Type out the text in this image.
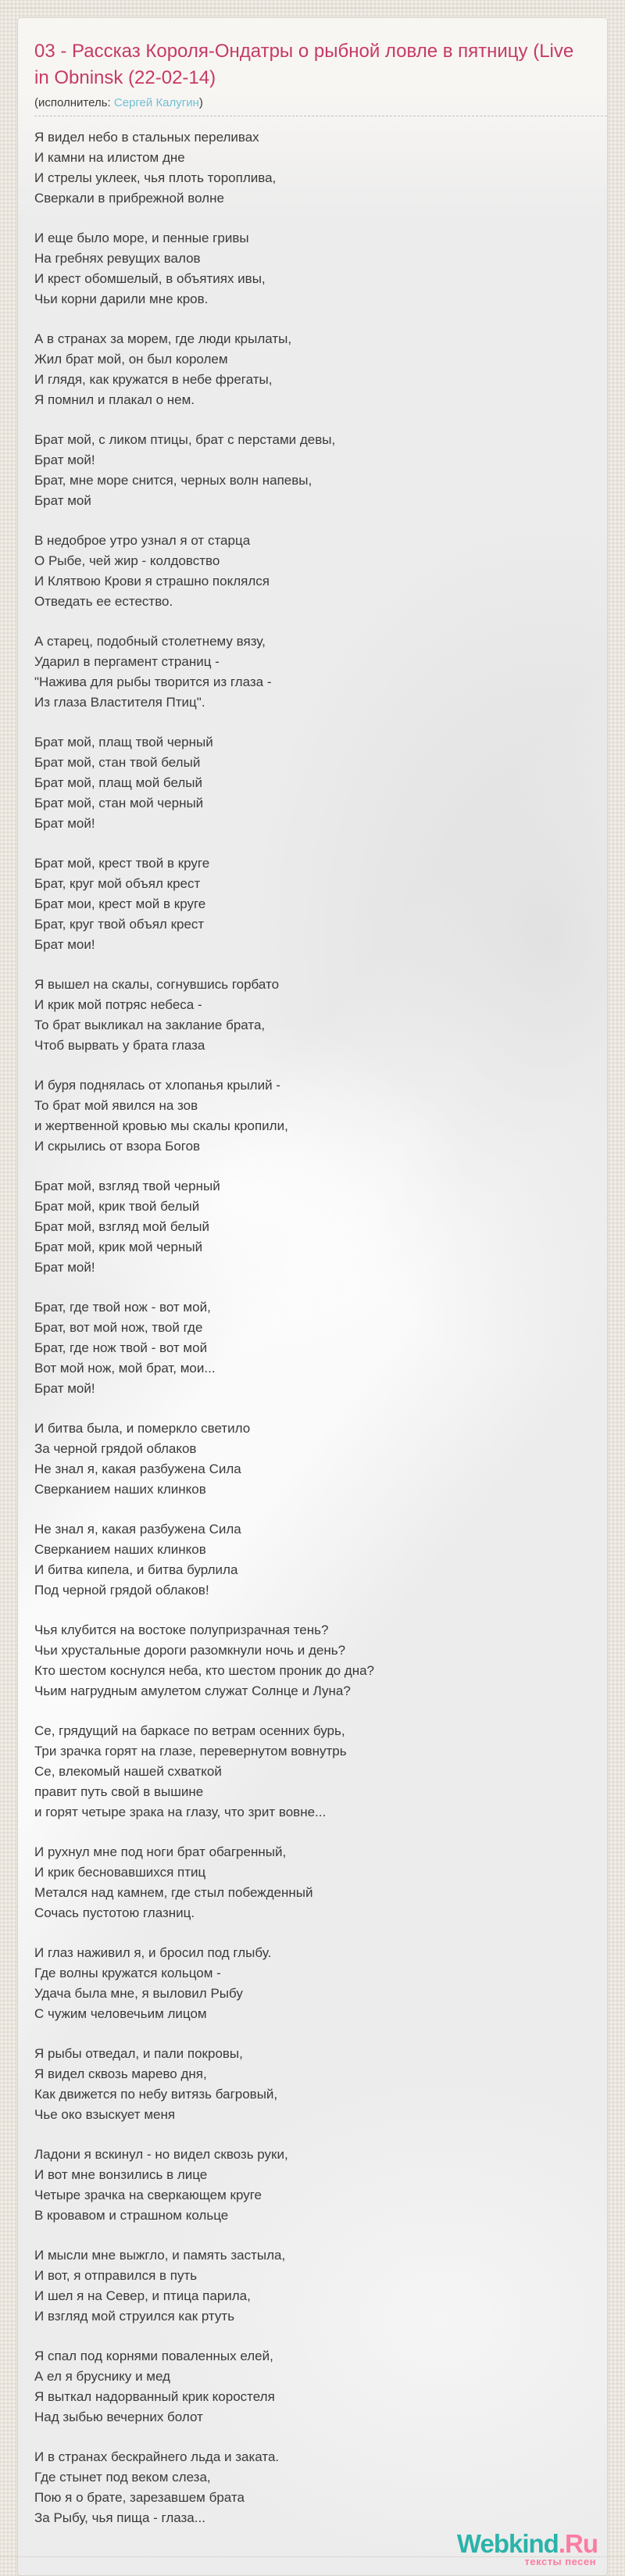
03 - Рассказ Короля-Ондатры о рыбной ловле в пятницу (Live in Obninsk (22-02-14)

(исполнитель: Сергей Калугин)

Я видел небо в стальных переливах
И камни на илистом дне
И стрелы уклеек, чья плоть тороплива,
Сверкали в прибрежной волне

И еще было море, и пенные гривы
На гребнях ревущих валов
И крест обомшелый, в объятиях ивы,
Чьи корни дарили мне кров.

А в странах за морем, где люди крылаты,
Жил брат мой, он был королем
И глядя, как кружатся в небе фрегаты,
Я помнил и плакал о нем.

Брат мой, с ликом птицы, брат с перстами девы,
Брат мой!
Брат, мне море снится, черных волн напевы,
Брат мой

В недоброе утро узнал я от старца
О Рыбе, чей жир - колдовство
И Клятвою Крови я страшно поклялся
Отведать ее естество.

А старец, подобный столетнему вязу,
Ударил в пергамент страниц -
"Нажива для рыбы творится из глаза -
Из глаза Властителя Птиц".

Брат мой, плащ твой черный
Брат мой, стан твой белый
Брат мой, плащ мой белый
Брат мой, стан мой черный
Брат мой!

Брат мой, крест твой в круге
Брат, круг мой объял крест
Брат мои, крест мой в круге
Брат, круг твой объял крест
Брат мои!

Я вышел на скалы, согнувшись горбато
И крик мой потряс небеса -
То брат выкликал на заклание брата,
Чтоб вырвать у брата глаза

И буря поднялась от хлопанья крылий -
То брат мой явился на зов
и жертвенной кровью мы скалы кропили,
И скрылись от взора Богов

Брат мой, взгляд твой черный
Брат мой, крик твой белый
Брат мой, взгляд мой белый
Брат мой, крик мой черный
Брат мой!

Брат, где твой нож - вот мой,
Брат, вот мой нож, твой где
Брат, где нож твой - вот мой
Вот мой нож, мой брат, мои...
Брат мой!

И битва была, и померкло светило
За черной грядой облаков
Не знал я, какая разбужена Сила
Сверканием наших клинков

Не знал я, какая разбужена Сила
Сверканием наших клинков
И битва кипела, и битва бурлила
Под черной грядой облаков!

Чья клубится на востоке полупризрачная тень?
Чьи хрустальные дороги разомкнули ночь и день?
Кто шестом коснулся неба, кто шестом проник до дна?
Чьим нагрудным амулетом служат Солнце и Луна?

Се, грядущий на баркасе по ветрам осенних бурь,
Три зрачка горят на глазе, перевернутом вовнутрь
Се, влекомый нашей схваткой
правит путь свой в вышине
и горят четыре зрака на глазу, что зрит вовне...

И рухнул мне под ноги брат обагренный,
И крик бесновавшихся птиц
Метался над камнем, где стыл побежденный
Сочась пустотою глазниц.

И глаз наживил я, и бросил под глыбу.
Где волны кружатся кольцом -
Удача была мне, я выловил Рыбу
С чужим человечьим лицом

Я рыбы отведал, и пали покровы,
Я видел сквозь марево дня,
Как движется по небу витязь багровый,
Чье око взыскует меня

Ладони я вскинул - но видел сквозь руки,
И вот мне вонзились в лице
Четыре зрачка на сверкающем круге
В кровавом и страшном кольце

И мысли мне выжгло, и память застыла,
И вот, я отправился в путь
И шел я на Север, и птица парила,
И взгляд мой струился как ртуть

Я спал под корнями поваленных елей,
А ел я бруснику и мед
Я выткал надорванный крик коростеля
Над зыбью вечерних болот

И в странах бескрайнего льда и заката.
Где стынет под веком слеза,
Пою я о брате, зарезавшем брата
За Рыбу, чья пища - глаза...

Webkind.Ru
тексты песен
